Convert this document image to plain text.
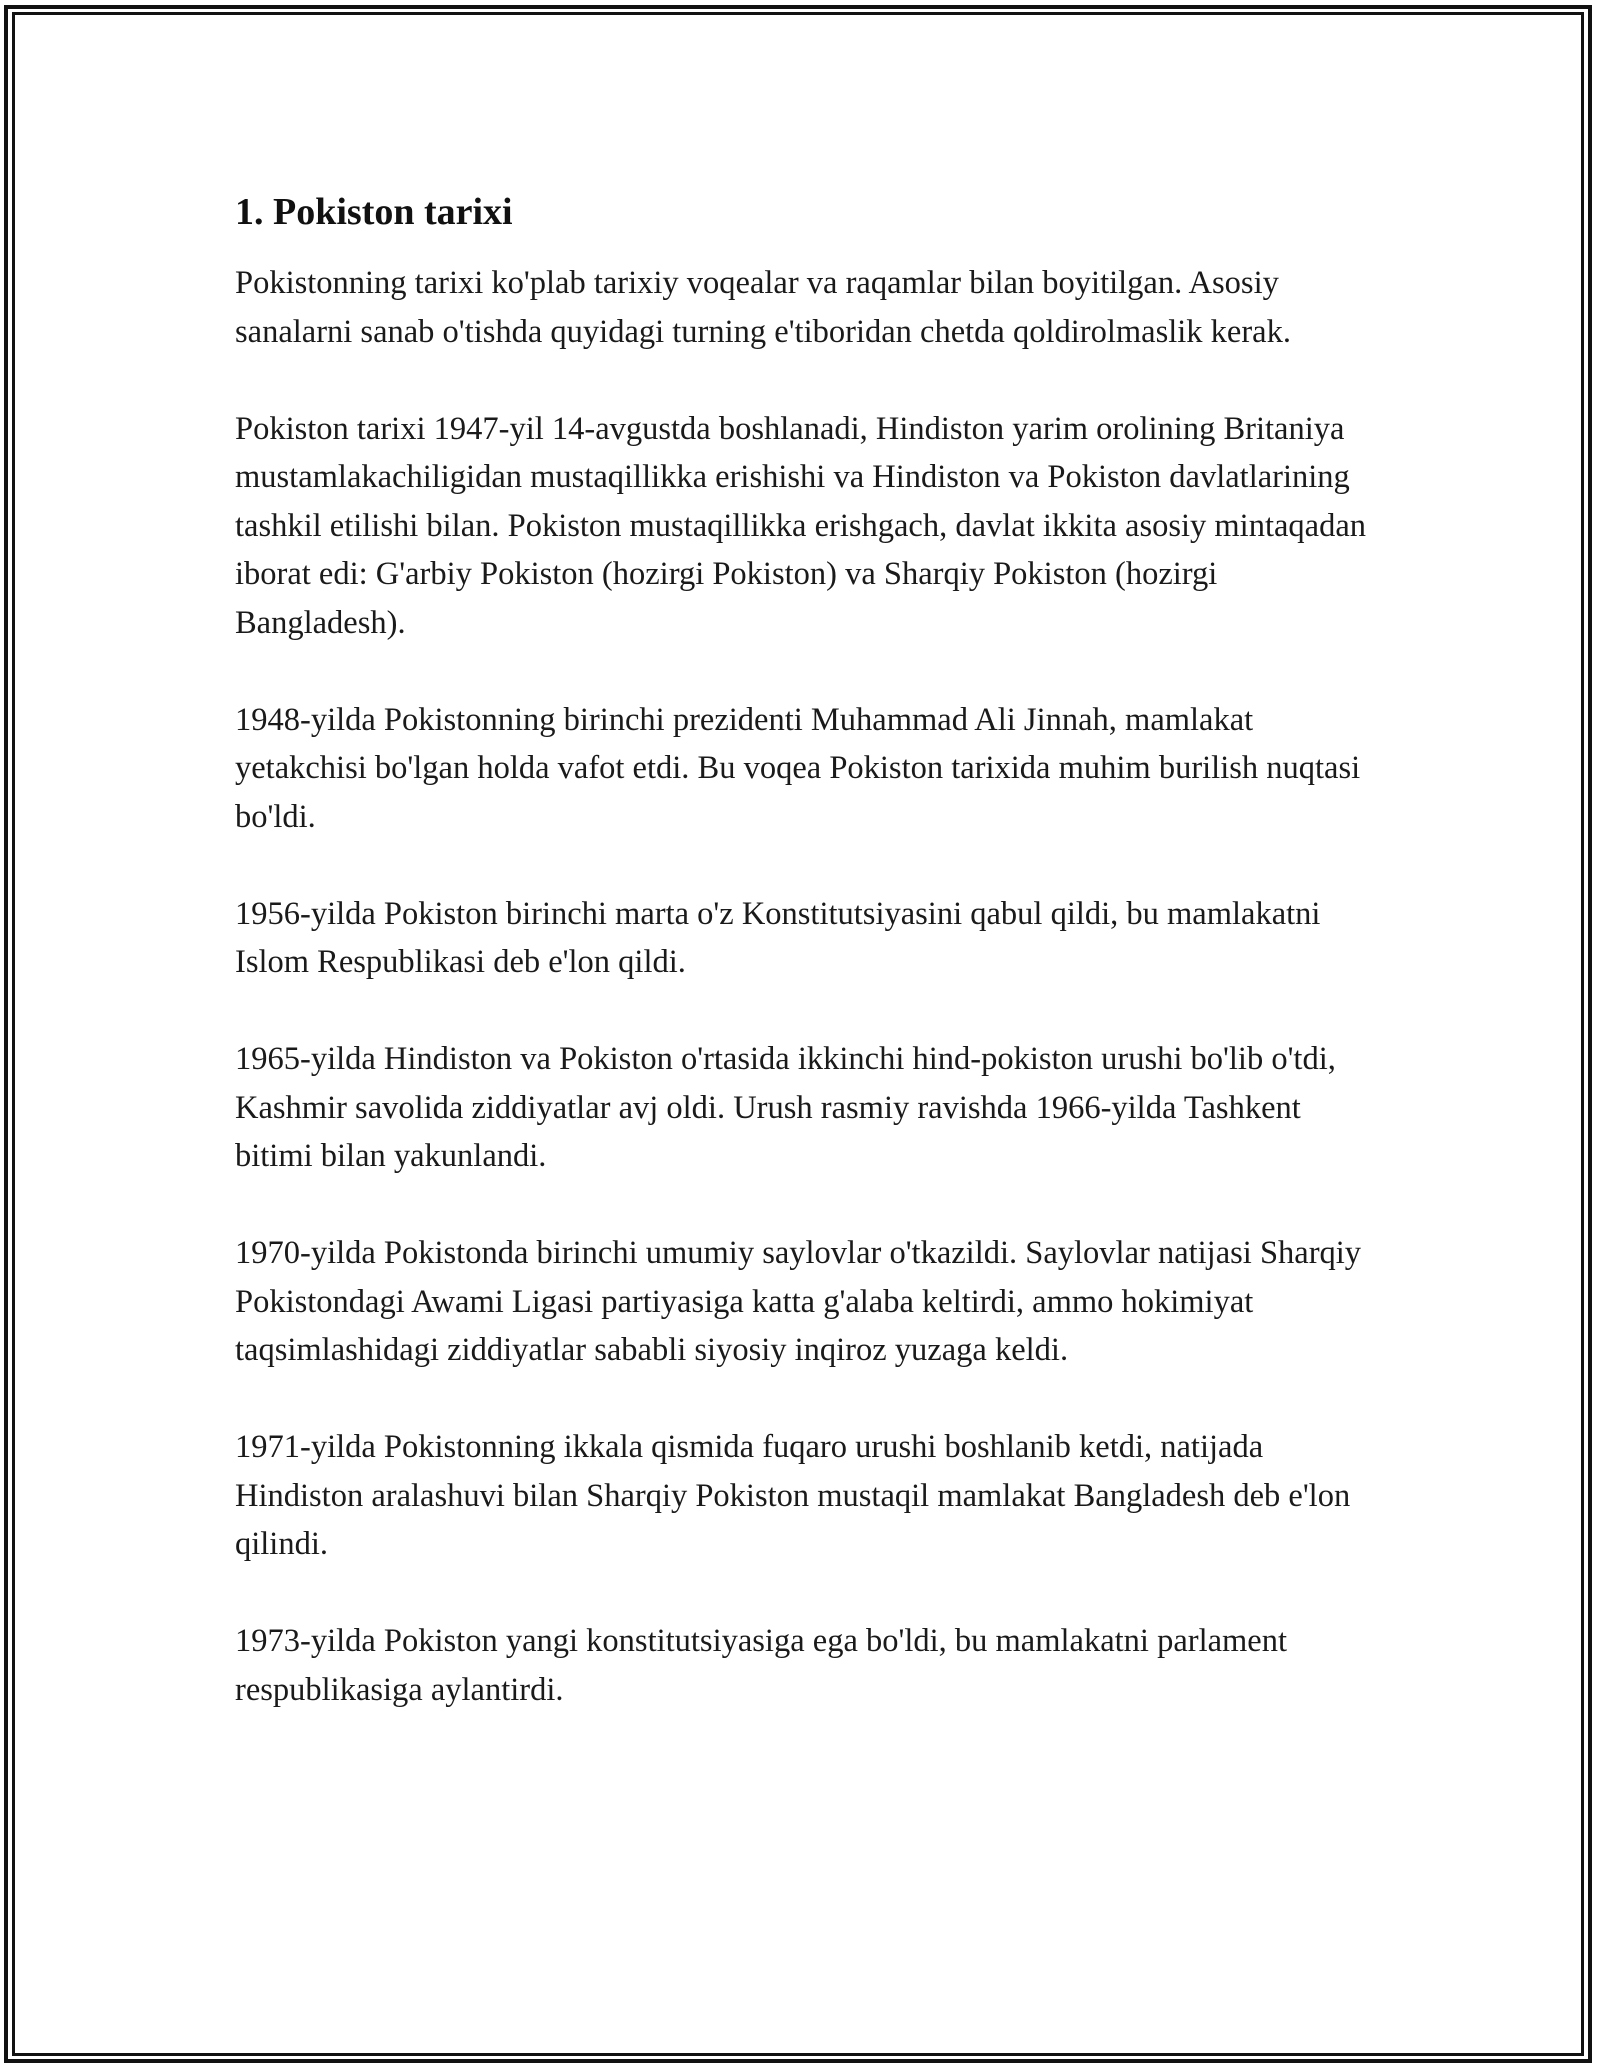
1. Pokiston tarixi

Pokistonning tarixi ko'plab tarixiy voqealar va raqamlar bilan boyitilgan. Asosiy sanalarni sanab o'tishda quyidagi turning e'tiboridan chetda qoldirolmaslik kerak.

Pokiston tarixi 1947-yil 14-avgustda boshlanadi, Hindiston yarim orolining Britaniya mustamlakachiligidan mustaqillikka erishishi va Hindiston va Pokiston davlatlarining tashkil etilishi bilan. Pokiston mustaqillikka erishgach, davlat ikkita asosiy mintaqadan iborat edi: G'arbiy Pokiston (hozirgi Pokiston) va Sharqiy Pokiston (hozirgi Bangladesh).

1948-yilda Pokistonning birinchi prezidenti Muhammad Ali Jinnah, mamlakat yetakchisi bo'lgan holda vafot etdi. Bu voqea Pokiston tarixida muhim burilish nuqtasi bo'ldi.

1956-yilda Pokiston birinchi marta o'z Konstitutsiyasini qabul qildi, bu mamlakatni Islom Respublikasi deb e'lon qildi.

1965-yilda Hindiston va Pokiston o'rtasida ikkinchi hind-pokiston urushi bo'lib o'tdi, Kashmir savolida ziddiyatlar avj oldi. Urush rasmiy ravishda 1966-yilda Tashkent bitimi bilan yakunlandi.

1970-yilda Pokistonda birinchi umumiy saylovlar o'tkazildi. Saylovlar natijasi Sharqiy Pokistondagi Awami Ligasi partiyasiga katta g'alaba keltirdi, ammo hokimiyat taqsimlashidagi ziddiyatlar sababli siyosiy inqiroz yuzaga keldi.

1971-yilda Pokistonning ikkala qismida fuqaro urushi boshlanib ketdi, natijada Hindiston aralashuvi bilan Sharqiy Pokiston mustaqil mamlakat Bangladesh deb e'lon qilindi.

1973-yilda Pokiston yangi konstitutsiyasiga ega bo'ldi, bu mamlakatni parlament respublikasiga aylantirdi.
